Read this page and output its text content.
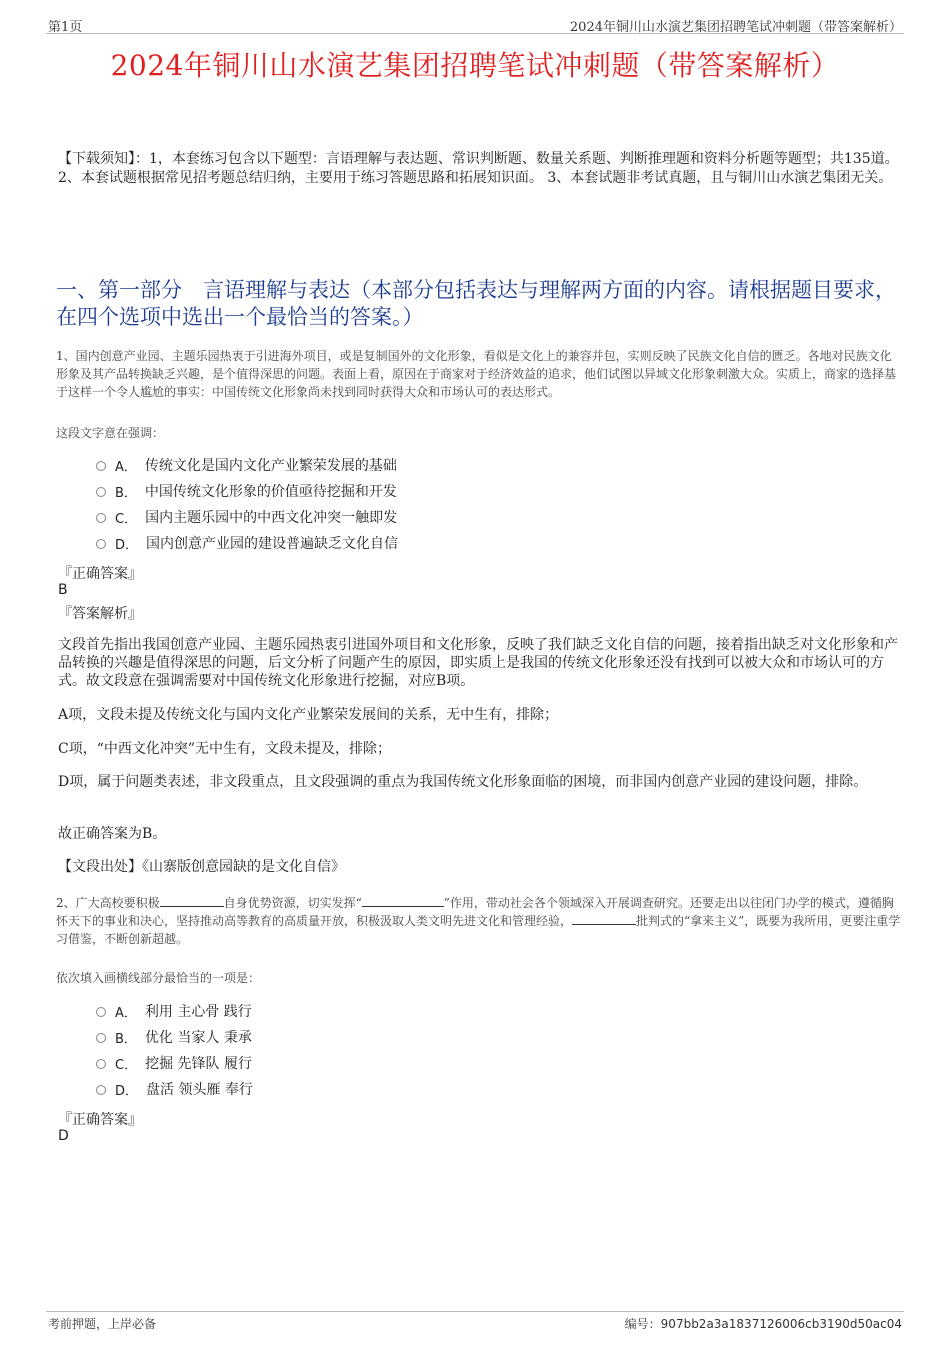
第1页	2024年铜川山水演艺集团招聘笔试冲刺题（带答案解析）
2024年铜川山水演艺集团招聘笔试冲刺题（带答案解析）
【下载须知】：1，本套练习包含以下题型：言语理解与表达题、常识判断题、数量关系题、判断推理题和资料分析题等题型；共135道。 2、本套试题根据常见招考题总结归纳，主要用于练习答题思路和拓展知识面。 3、本套试题非考试真题，且与铜川山水演艺集团无关。
一、第一部分　言语理解与表达（本部分包括表达与理解两方面的内容。请根据题目要求，在四个选项中选出一个最恰当的答案。）
1、国内创意产业园、主题乐园热衷于引进海外项目，或是复制国外的文化形象，看似是文化上的兼容并包，实则反映了民族文化自信的匮乏。各地对民族文化形象及其产品转换缺乏兴趣，是个值得深思的问题。表面上看，原因在于商家对于经济效益的追求，他们试图以异域文化形象刺激大众。实质上，商家的选择基于这样一个令人尴尬的事实：中国传统文化形象尚未找到同时获得大众和市场认可的表达形式。
这段文字意在强调：
A． 传统文化是国内文化产业繁荣发展的基础
B． 中国传统文化形象的价值亟待挖掘和开发
C． 国内主题乐园中的中西文化冲突一触即发
D． 国内创意产业园的建设普遍缺乏文化自信
『正确答案』
B
『答案解析』
文段首先指出我国创意产业园、主题乐园热衷引进国外项目和文化形象，反映了我们缺乏文化自信的问题，接着指出缺乏对文化形象和产品转换的兴趣是值得深思的问题，后文分析了问题产生的原因，即实质上是我国的传统文化形象还没有找到可以被大众和市场认可的方式。故文段意在强调需要对中国传统文化形象进行挖掘，对应B项。
A项，文段未提及传统文化与国内文化产业繁荣发展间的关系，无中生有，排除；
C项，“中西文化冲突”无中生有，文段未提及，排除；
D项，属于问题类表述，非文段重点，且文段强调的重点为我国传统文化形象面临的困境，而非国内创意产业园的建设问题，排除。
故正确答案为B。
【文段出处】《山寨版创意园缺的是文化自信》
2、广大高校要积极	自身优势资源，切实发挥“	”作用，带动社会各个领域深入开展调查研究。还要走出以往闭门办学的模式，遵循胸怀天下的事业和决心，坚持推动高等教育的高质量开放，积极汲取人类文明先进文化和管理经验，	批判式的“拿来主义”，既要为我所用，更要注重学习借鉴，不断创新超越。
依次填入画横线部分最恰当的一项是：
A． 利用 主心骨 践行
B． 优化 当家人 秉承
C． 挖掘 先锋队 履行
D． 盘活 领头雁 奉行
『正确答案』
D
考前押题，上岸必备	编号：907bb2a3a1837126006cb3190d50ac04
